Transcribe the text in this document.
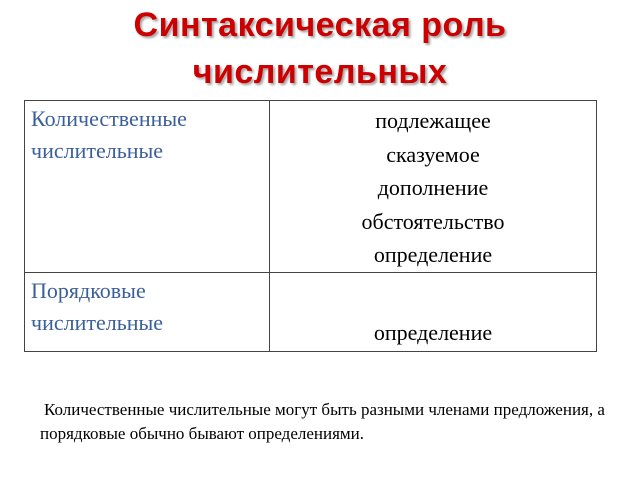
Синтаксическая роль
числительных
Количественные
числительные	подлежащее
сказуемое
дополнение
обстоятельство
определение

Порядковые
числительные	определение
Количественные числительные могут быть разными членами предложения, а порядковые обычно бывают определениями.
